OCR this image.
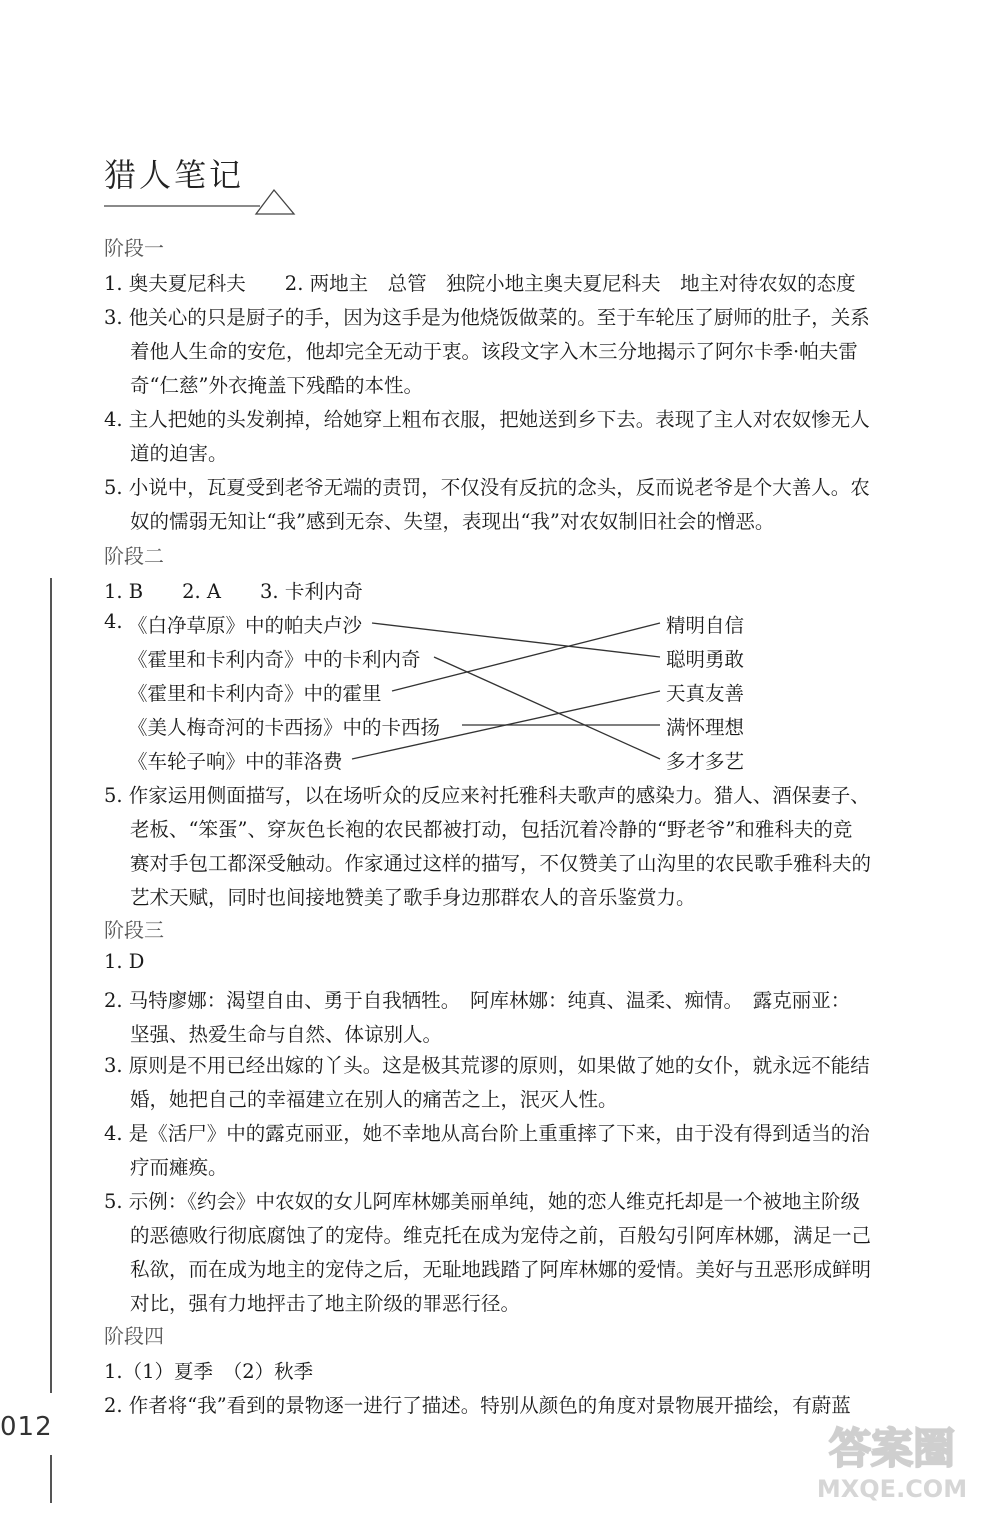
猎人笔记
阶段一
1. 奥夫夏尼科夫　　2. 两地主　总管　独院小地主奥夫夏尼科夫　地主对待农奴的态度
3. 他关心的只是厨子的手，因为这手是为他烧饭做菜的。至于车轮压了厨师的肚子，关系
着他人生命的安危，他却完全无动于衷。该段文字入木三分地揭示了阿尔卡季·帕夫雷
奇“仁慈”外衣掩盖下残酷的本性。
4. 主人把她的头发剃掉，给她穿上粗布衣服，把她送到乡下去。表现了主人对农奴惨无人
道的迫害。
5. 小说中，瓦夏受到老爷无端的责罚，不仅没有反抗的念头，反而说老爷是个大善人。农
奴的懦弱无知让“我”感到无奈、失望，表现出“我”对农奴制旧社会的憎恶。
阶段二
1. B　　2. A　　3. 卡利内奇
4. 《白净草原》中的帕夫卢沙
《霍里和卡利内奇》中的卡利内奇
《霍里和卡利内奇》中的霍里
《美人梅奇河的卡西扬》中的卡西扬
《车轮子响》中的菲洛费
精明自信
聪明勇敢
天真友善
满怀理想
多才多艺
5. 作家运用侧面描写，以在场听众的反应来衬托雅科夫歌声的感染力。猎人、酒保妻子、
老板、“笨蛋”、穿灰色长袍的农民都被打动，包括沉着冷静的“野老爷”和雅科夫的竞
赛对手包工都深受触动。作家通过这样的描写，不仅赞美了山沟里的农民歌手雅科夫的
艺术天赋，同时也间接地赞美了歌手身边那群农人的音乐鉴赏力。
阶段三
1. D
2. 马特廖娜：渴望自由、勇于自我牺牲。　阿库林娜：纯真、温柔、痴情。　露克丽亚：
坚强、热爱生命与自然、体谅别人。
3. 原则是不用已经出嫁的丫头。这是极其荒谬的原则，如果做了她的女仆，就永远不能结
婚，她把自己的幸福建立在别人的痛苦之上，泯灭人性。
4. 是《活尸》中的露克丽亚，她不幸地从高台阶上重重摔了下来，由于没有得到适当的治
疗而瘫痪。
5. 示例：《约会》中农奴的女儿阿库林娜美丽单纯，她的恋人维克托却是一个被地主阶级
的恶德败行彻底腐蚀了的宠侍。维克托在成为宠侍之前，百般勾引阿库林娜，满足一己
私欲，而在成为地主的宠侍之后，无耻地践踏了阿库林娜的爱情。美好与丑恶形成鲜明
对比，强有力地抨击了地主阶级的罪恶行径。
阶段四
1.（1）夏季　（2）秋季
2. 作者将“我”看到的景物逐一进行了描述。特别从颜色的角度对景物展开描绘，有蔚蓝
012	答案圈
MXQE.COM
